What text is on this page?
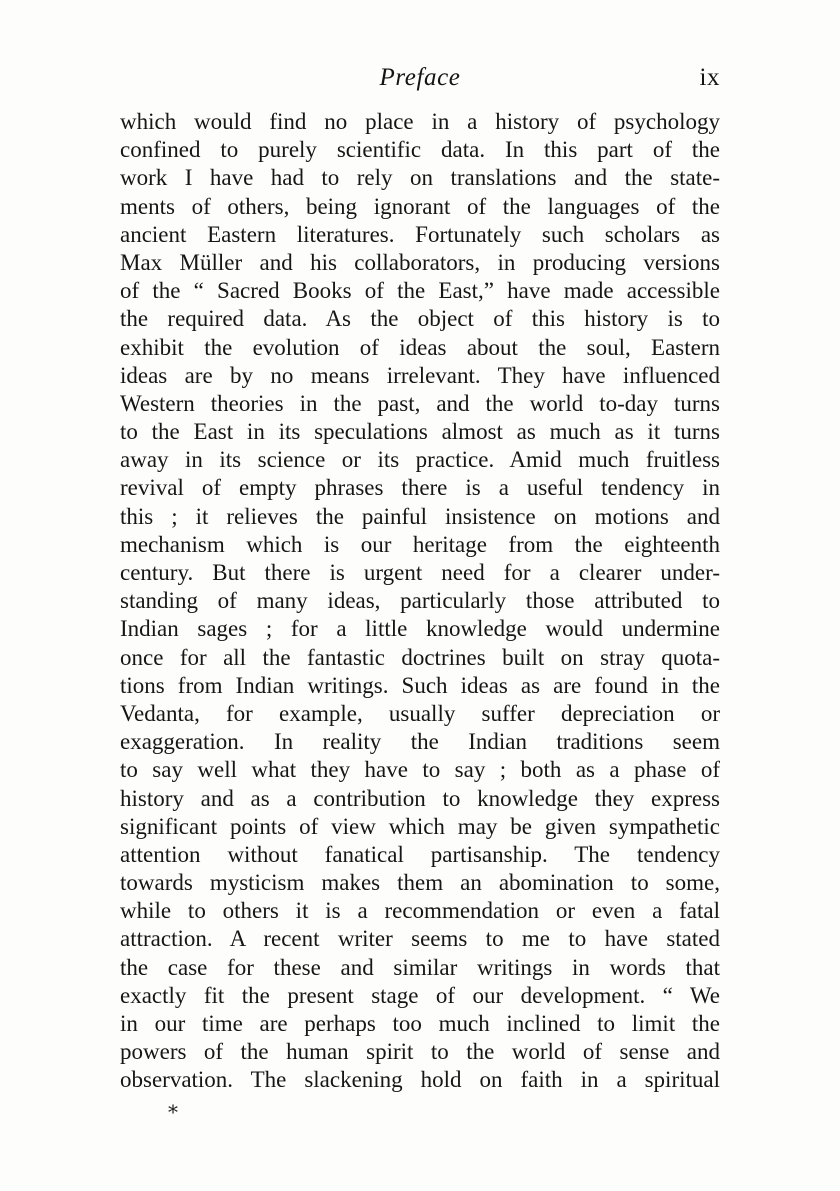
Preface	ix
which would find no place in a history of psychology
confined to purely scientific data. In this part of the
work I have had to rely on translations and the state-
ments of others, being ignorant of the languages of the
ancient Eastern literatures. Fortunately such scholars as
Max Müller and his collaborators, in producing versions
of the “ Sacred Books of the East,” have made accessible
the required data. As the object of this history is to
exhibit the evolution of ideas about the soul, Eastern
ideas are by no means irrelevant. They have influenced
Western theories in the past, and the world to-day turns
to the East in its speculations almost as much as it turns
away in its science or its practice. Amid much fruitless
revival of empty phrases there is a useful tendency in
this ; it relieves the painful insistence on motions and
mechanism which is our heritage from the eighteenth
century. But there is urgent need for a clearer under-
standing of many ideas, particularly those attributed to
Indian sages ; for a little knowledge would undermine
once for all the fantastic doctrines built on stray quota-
tions from Indian writings. Such ideas as are found in the
Vedanta, for example, usually suffer depreciation or
exaggeration. In reality the Indian traditions seem
to say well what they have to say ; both as a phase of
history and as a contribution to knowledge they express
significant points of view which may be given sympathetic
attention without fanatical partisanship. The tendency
towards mysticism makes them an abomination to some,
while to others it is a recommendation or even a fatal
attraction. A recent writer seems to me to have stated
the case for these and similar writings in words that
exactly fit the present stage of our development. “ We
in our time are perhaps too much inclined to limit the
powers of the human spirit to the world of sense and
observation. The slackening hold on faith in a spiritual
*
